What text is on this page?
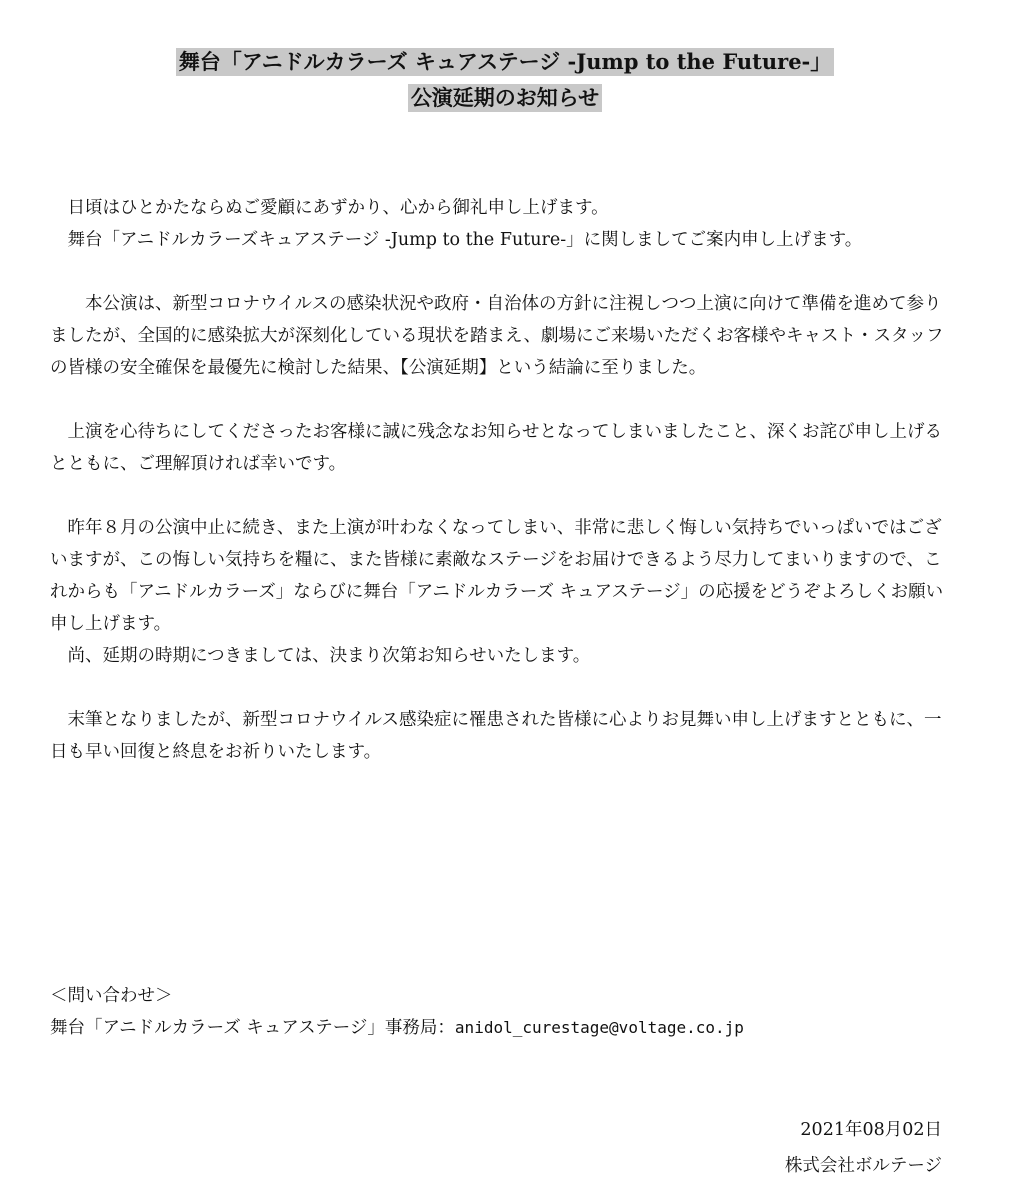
舞台「アニドルカラーズ キュアステージ -Jump to the Future-」
公演延期のお知らせ

日頃はひとかたならぬご愛顧にあずかり、心から御礼申し上げます。

舞台「アニドルカラーズキュアステージ -Jump to the Future-」に関しましてご案内申し上げます。

本公演は、新型コロナウイルスの感染状況や政府・自治体の方針に注視しつつ上演に向けて準備を進めて参りましたが、全国的に感染拡大が深刻化している現状を踏まえ、劇場にご来場いただくお客様やキャスト・スタッフの皆様の安全確保を最優先に検討した結果、【公演延期】という結論に至りました。

上演を心待ちにしてくださったお客様に誠に残念なお知らせとなってしまいましたこと、深くお詫び申し上げるとともに、ご理解頂ければ幸いです。

昨年８月の公演中止に続き、また上演が叶わなくなってしまい、非常に悲しく悔しい気持ちでいっぱいではございますが、この悔しい気持ちを糧に、また皆様に素敵なステージをお届けできるよう尽力してまいりますので、これからも「アニドルカラーズ」ならびに舞台「アニドルカラーズ キュアステージ」の応援をどうぞよろしくお願い申し上げます。

尚、延期の時期につきましては、決まり次第お知らせいたします。

末筆となりましたが、新型コロナウイルス感染症に罹患された皆様に心よりお見舞い申し上げますとともに、一日も早い回復と終息をお祈りいたします。

＜問い合わせ＞
舞台「アニドルカラーズ キュアステージ」事務局：anidol_curestage@voltage.co.jp
2021年08月02日
株式会社ボルテージ
